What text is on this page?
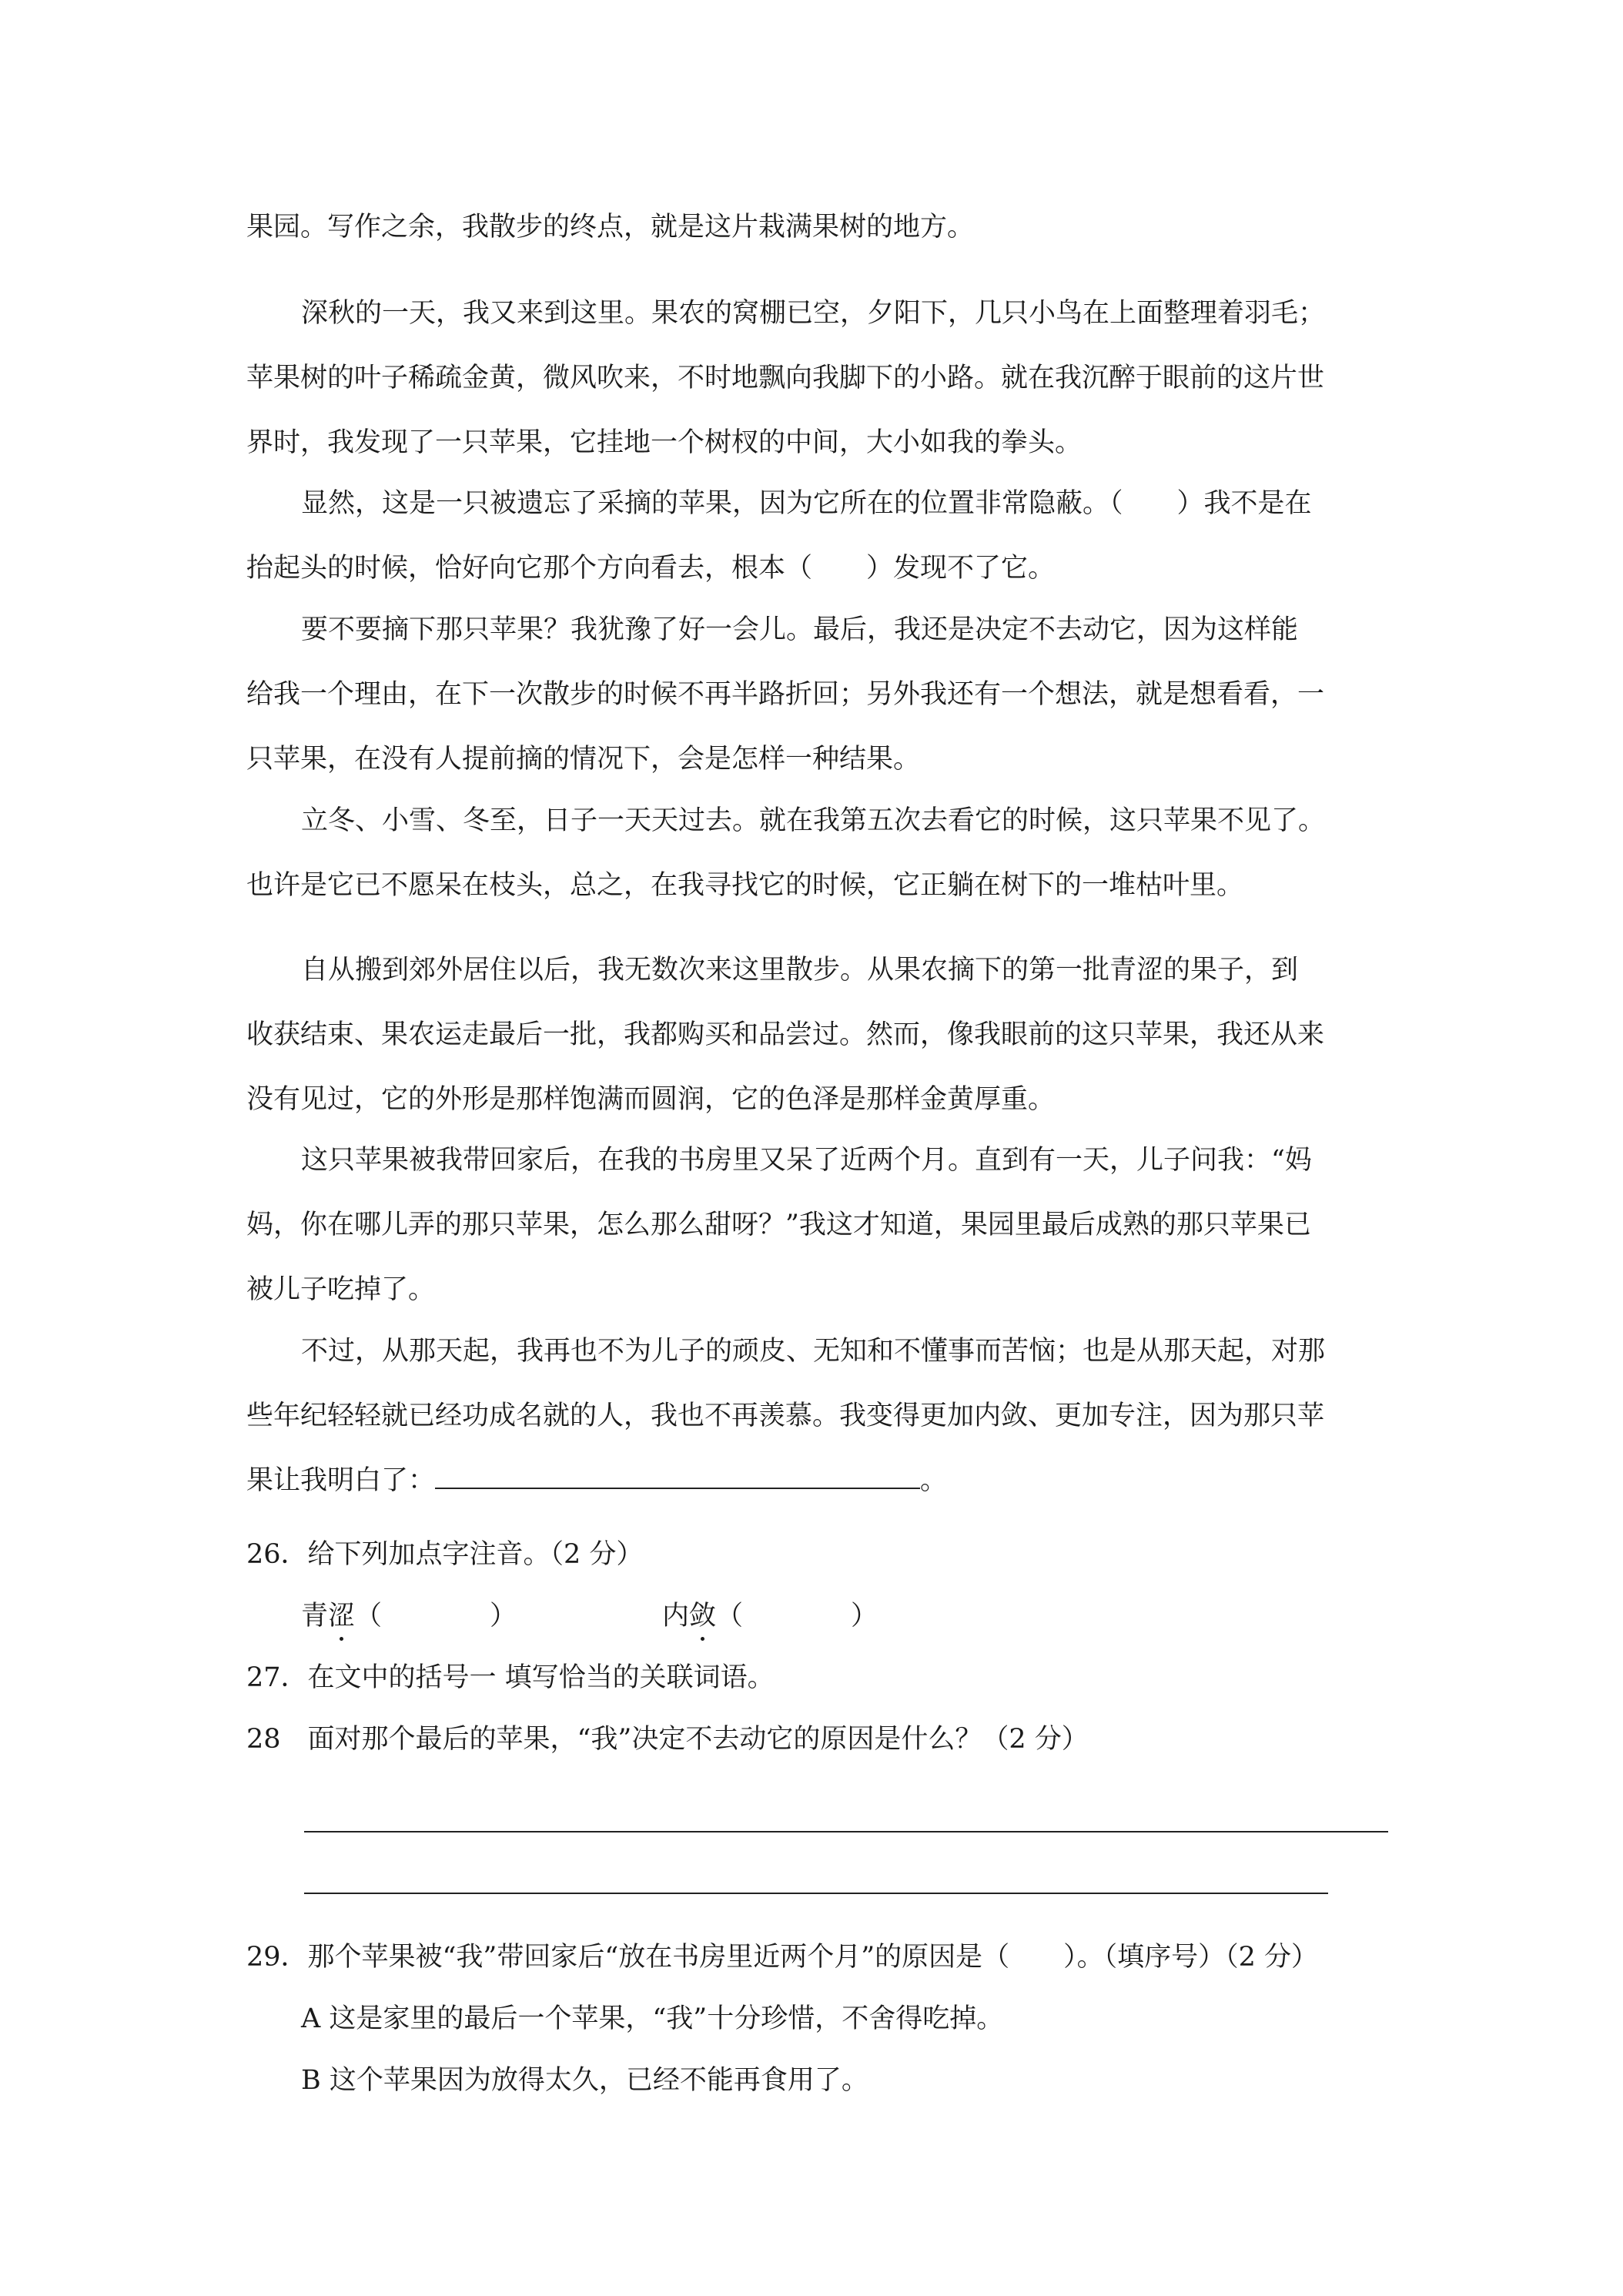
果园。写作之余，我散步的终点，就是这片栽满果树的地方。
深秋的一天，我又来到这里。果农的窝棚已空，夕阳下，几只小鸟在上面整理着羽毛；
苹果树的叶子稀疏金黄，微风吹来，不时地飘向我脚下的小路。就在我沉醉于眼前的这片世
界时，我发现了一只苹果，它挂地一个树杈的中间，大小如我的拳头。
显然，这是一只被遗忘了采摘的苹果，因为它所在的位置非常隐蔽。（　　）我不是在
抬起头的时候，恰好向它那个方向看去，根本（　　）发现不了它。
要不要摘下那只苹果？我犹豫了好一会儿。最后，我还是决定不去动它，因为这样能
给我一个理由，在下一次散步的时候不再半路折回；另外我还有一个想法，就是想看看，一
只苹果，在没有人提前摘的情况下，会是怎样一种结果。
立冬、小雪、冬至，日子一天天过去。就在我第五次去看它的时候，这只苹果不见了。
也许是它已不愿呆在枝头，总之，在我寻找它的时候，它正躺在树下的一堆枯叶里。
自从搬到郊外居住以后，我无数次来这里散步。从果农摘下的第一批青涩的果子，到
收获结束、果农运走最后一批，我都购买和品尝过。然而，像我眼前的这只苹果，我还从来
没有见过，它的外形是那样饱满而圆润，它的色泽是那样金黄厚重。
这只苹果被我带回家后，在我的书房里又呆了近两个月。直到有一天，儿子问我：“妈
妈，你在哪儿弄的那只苹果，怎么那么甜呀？”我这才知道，果园里最后成熟的那只苹果已
被儿子吃掉了。
不过，从那天起，我再也不为儿子的顽皮、无知和不懂事而苦恼；也是从那天起，对那
些年纪轻轻就已经功成名就的人，我也不再羡慕。我变得更加内敛、更加专注，因为那只苹
果让我明白了：	。
26．给下列加点字注音。（2 分）
青涩（　　　　）	内敛（　　　　）
27．在文中的括号一 填写恰当的关联词语。
28　面对那个最后的苹果，“我”决定不去动它的原因是什么？（2 分）
29．那个苹果被“我”带回家后“放在书房里近两个月”的原因是（　　）。（填序号）（2 分）
A 这是家里的最后一个苹果，“我”十分珍惜，不舍得吃掉。
B 这个苹果因为放得太久，已经不能再食用了。
